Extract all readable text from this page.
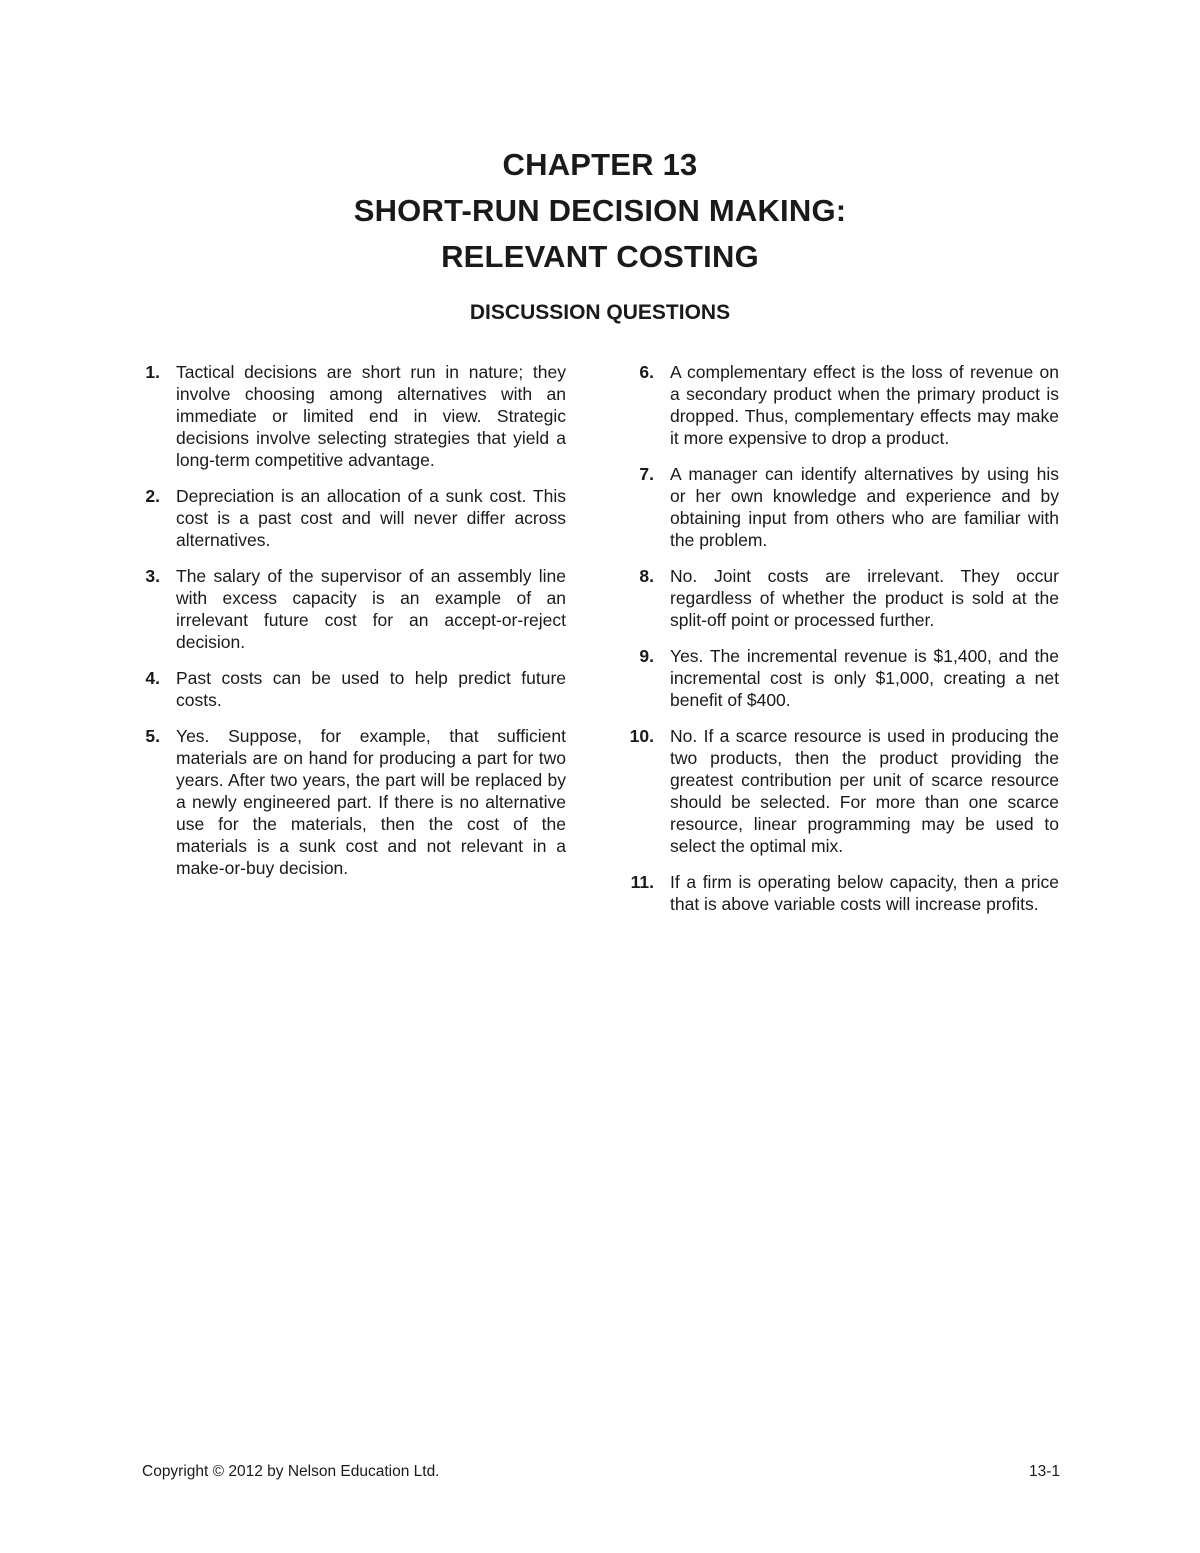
CHAPTER 13
SHORT-RUN DECISION MAKING:
RELEVANT COSTING
DISCUSSION QUESTIONS
1. Tactical decisions are short run in nature; they involve choosing among alternatives with an immediate or limited end in view. Strategic decisions involve selecting strategies that yield a long-term competitive advantage.
2. Depreciation is an allocation of a sunk cost. This cost is a past cost and will never differ across alternatives.
3. The salary of the supervisor of an assembly line with excess capacity is an example of an irrelevant future cost for an accept-or-reject decision.
4. Past costs can be used to help predict future costs.
5. Yes. Suppose, for example, that sufficient materials are on hand for producing a part for two years. After two years, the part will be replaced by a newly engineered part. If there is no alternative use for the materials, then the cost of the materials is a sunk cost and not relevant in a make-or-buy decision.
6. A complementary effect is the loss of revenue on a secondary product when the primary product is dropped. Thus, complementary effects may make it more expensive to drop a product.
7. A manager can identify alternatives by using his or her own knowledge and experience and by obtaining input from others who are familiar with the problem.
8. No. Joint costs are irrelevant. They occur regardless of whether the product is sold at the split-off point or processed further.
9. Yes. The incremental revenue is $1,400, and the incremental cost is only $1,000, creating a net benefit of $400.
10. No. If a scarce resource is used in producing the two products, then the product providing the greatest contribution per unit of scarce resource should be selected. For more than one scarce resource, linear programming may be used to select the optimal mix.
11. If a firm is operating below capacity, then a price that is above variable costs will increase profits.
Copyright © 2012 by Nelson Education Ltd.	13-1
